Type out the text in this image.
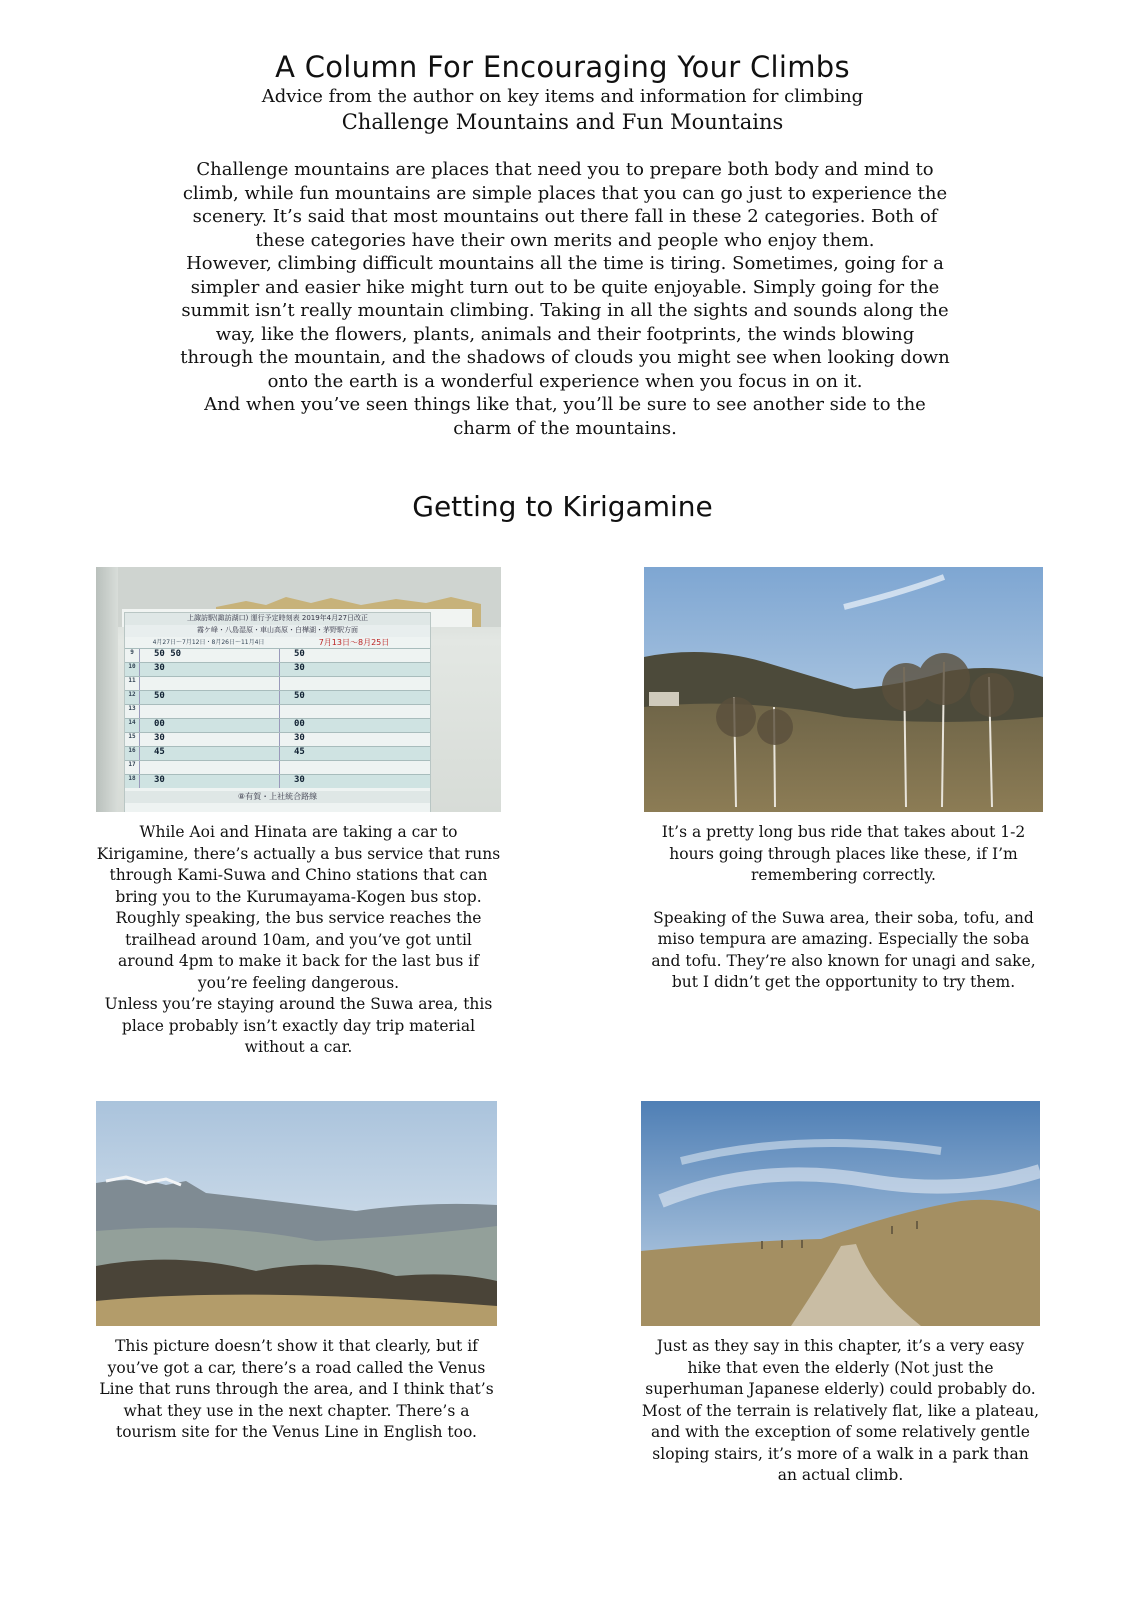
A Column For Encouraging Your Climbs
Advice from the author on key items and information for climbing
Challenge Mountains and Fun Mountains

Challenge mountains are places that need you to prepare both body and mind to climb, while fun mountains are simple places that you can go just to experience the scenery. It’s said that most mountains out there fall in these 2 categories. Both of these categories have their own merits and people who enjoy them.

However, climbing difficult mountains all the time is tiring. Sometimes, going for a simpler and easier hike might turn out to be quite enjoyable. Simply going for the summit isn’t really mountain climbing. Taking in all the sights and sounds along the way, like the flowers, plants, animals and their footprints, the winds blowing through the mountain, and the shadows of clouds you might see when looking down onto the earth is a wonderful experience when you focus in on it.

And when you’ve seen things like that, you’ll be sure to see another side to the charm of the mountains.

Getting to Kirigamine
上諏訪駅(諏訪湖口) 運行予定時刻表 2019年4月27日改正
霧ケ峰・八島湿原・車山高原・白樺湖・茅野駅方面
4月27日〜7月12日・8月26日〜11月4日	7月13日〜8月25日
9	50 50	50
10	30	30
11
12	50	50
13
14	00	00
15	30	30
16	45	45
17
18	30	30
⑧有賀・上社統合路線

While Aoi and Hinata are taking a car to Kirigamine, there’s actually a bus service that runs through Kami-Suwa and Chino stations that can bring you to the Kurumayama-Kogen bus stop. Roughly speaking, the bus service reaches the trailhead around 10am, and you’ve got until around 4pm to make it back for the last bus if you’re feeling dangerous.

Unless you’re staying around the Suwa area, this place probably isn’t exactly day trip material without a car.

It’s a pretty long bus ride that takes about 1-2 hours going through places like these, if I’m remembering correctly.

Speaking of the Suwa area, their soba, tofu, and miso tempura are amazing. Especially the soba and tofu. They’re also known for unagi and sake, but I didn’t get the opportunity to try them.

This picture doesn’t show it that clearly, but if you’ve got a car, there’s a road called the Venus Line that runs through the area, and I think that’s what they use in the next chapter. There’s a tourism site for the Venus Line in English too.

Just as they say in this chapter, it’s a very easy hike that even the elderly (Not just the superhuman Japanese elderly) could probably do. Most of the terrain is relatively flat, like a plateau, and with the exception of some relatively gentle sloping stairs, it’s more of a walk in a park than an actual climb.
